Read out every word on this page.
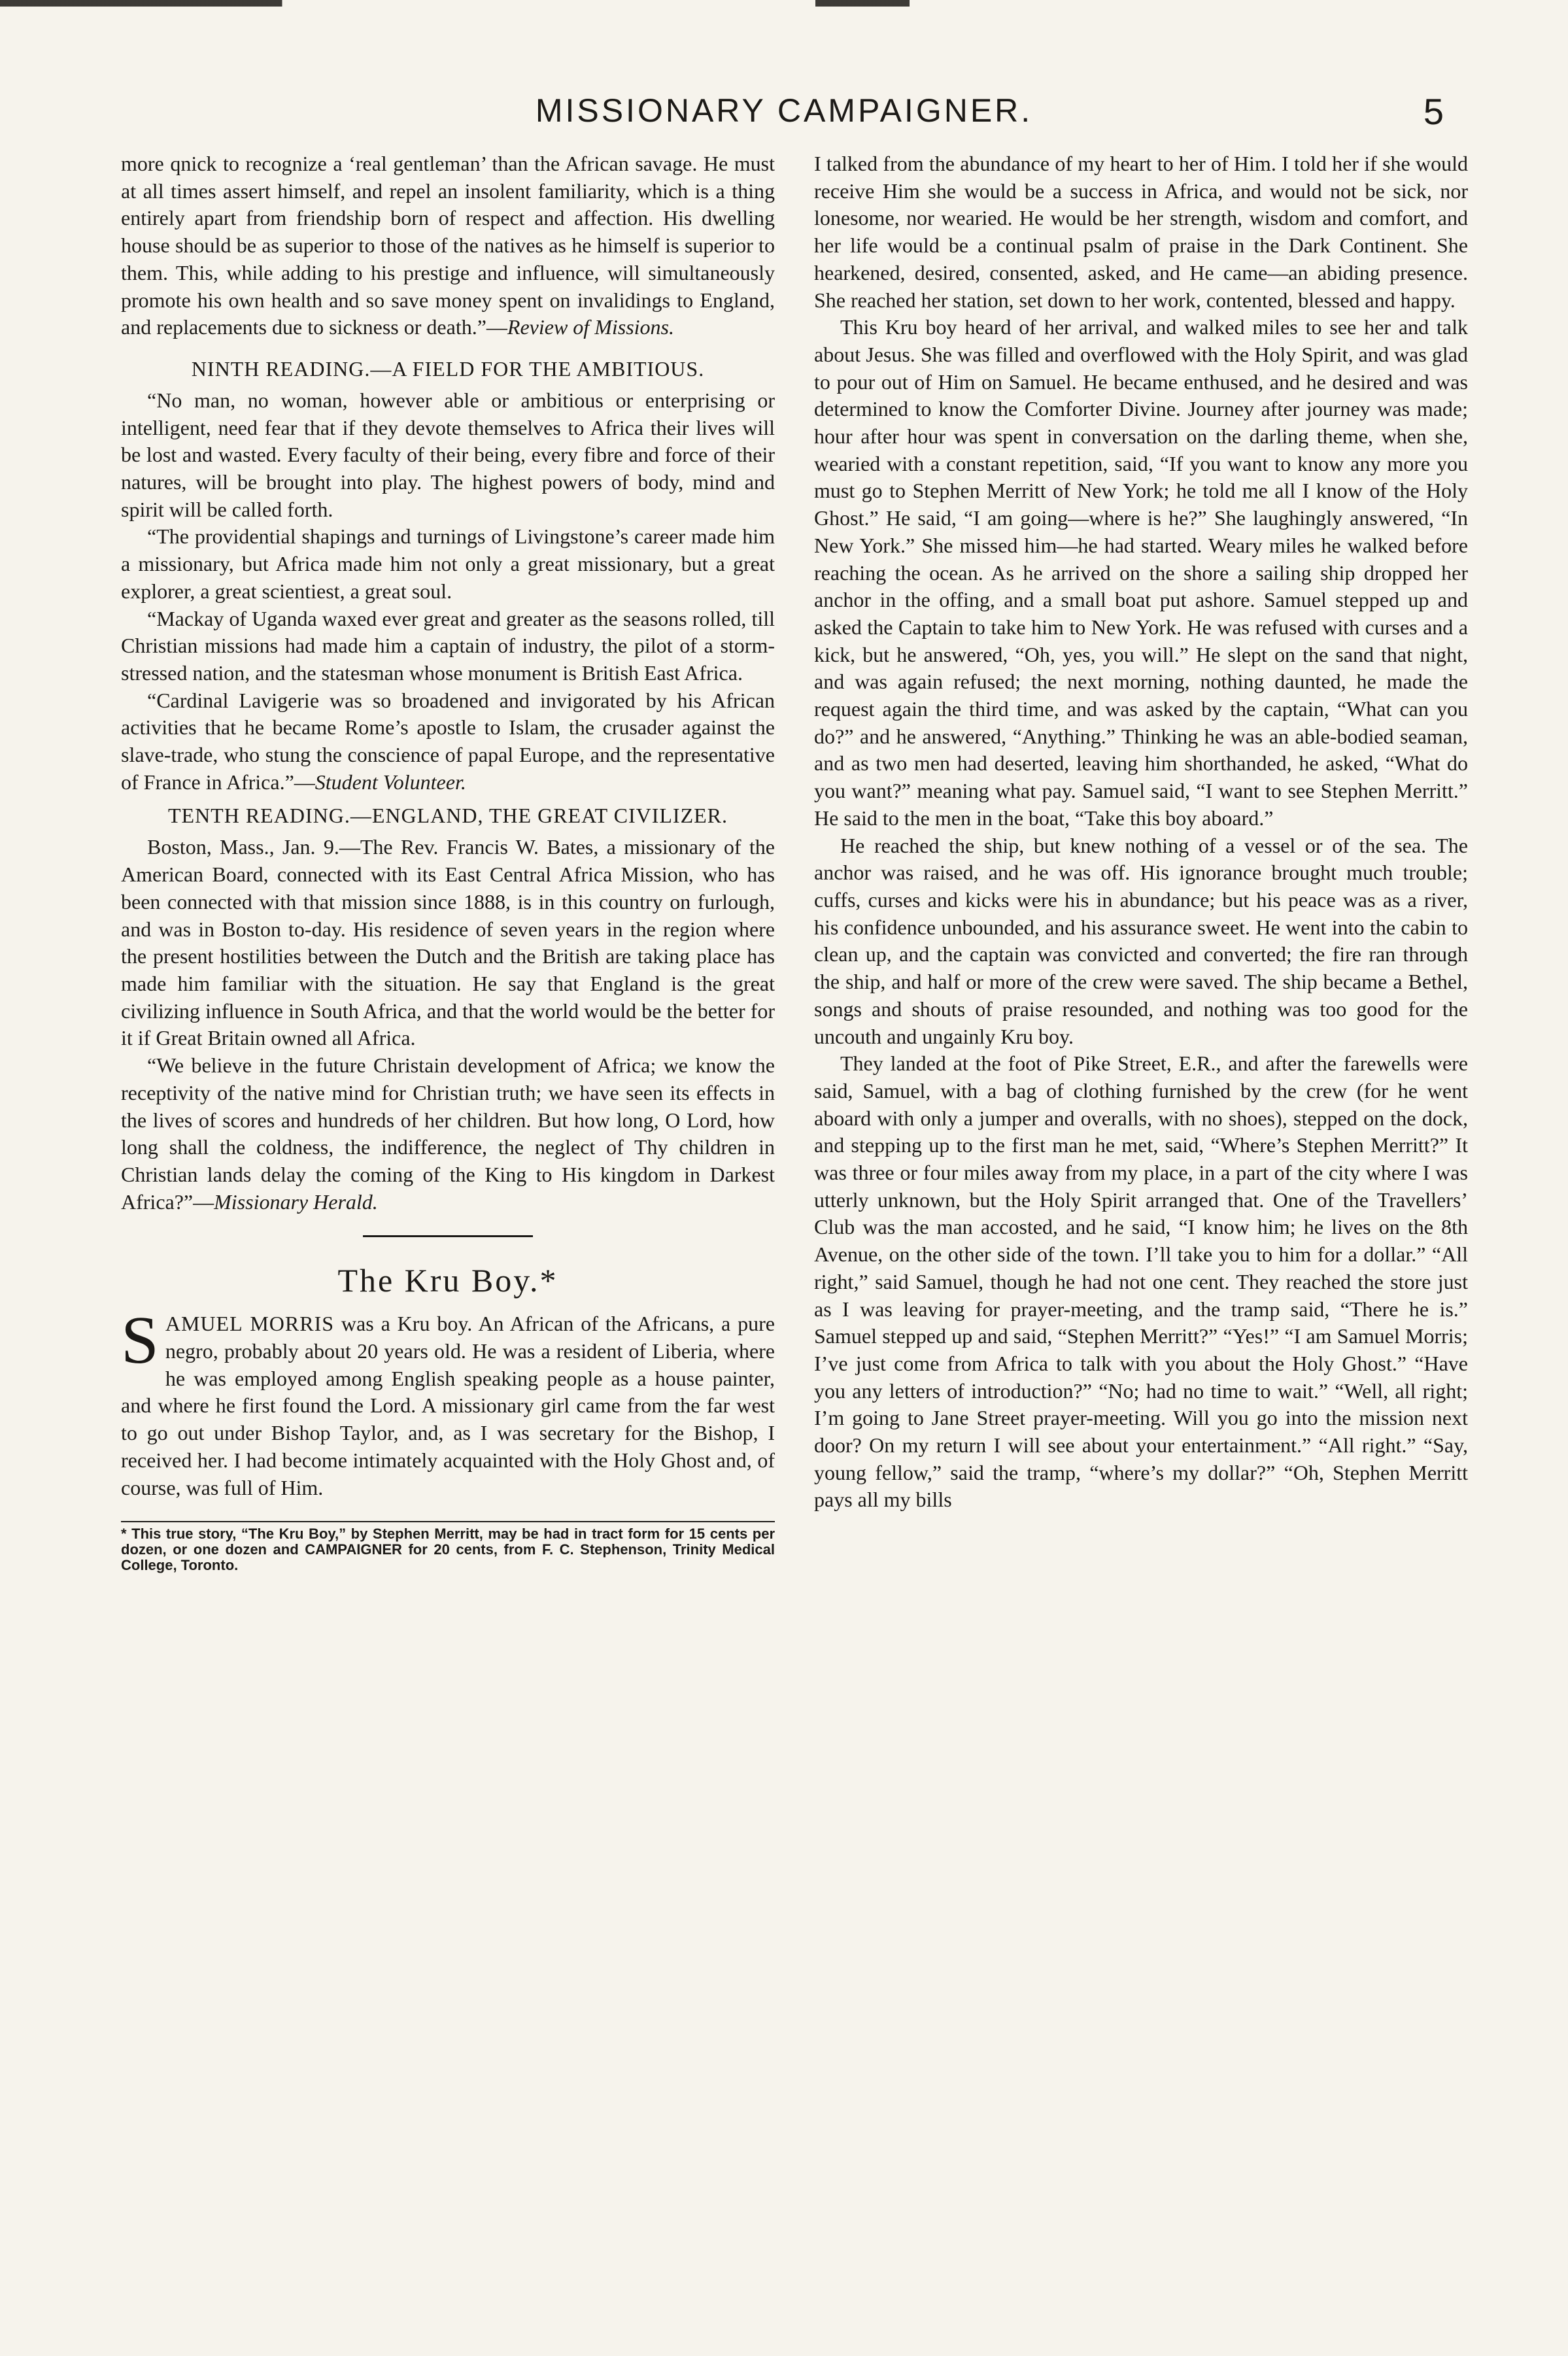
MISSIONARY CAMPAIGNER.	5

more qnick to recognize a ‘real gentleman’ than the African savage. He must at all times assert himself, and repel an insolent familiarity, which is a thing entirely apart from friendship born of respect and affection. His dwelling house should be as superior to those of the natives as he himself is superior to them. This, while adding to his prestige and influence, will simultaneously promote his own health and so save money spent on invalidings to England, and replacements due to sickness or death.”—Review of Missions.

NINTH READING.—A FIELD FOR THE AMBITIOUS.

“No man, no woman, however able or ambitious or enterprising or intelligent, need fear that if they devote themselves to Africa their lives will be lost and wasted. Every faculty of their being, every fibre and force of their natures, will be brought into play. The highest powers of body, mind and spirit will be called forth.

“The providential shapings and turnings of Livingstone’s career made him a missionary, but Africa made him not only a great missionary, but a great explorer, a great scientiest, a great soul.

“Mackay of Uganda waxed ever great and greater as the seasons rolled, till Christian missions had made him a captain of industry, the pilot of a storm-stressed nation, and the statesman whose monument is British East Africa.

“Cardinal Lavigerie was so broadened and invigorated by his African activities that he became Rome’s apostle to Islam, the crusader against the slave-trade, who stung the conscience of papal Europe, and the representative of France in Africa.”—Student Volunteer.

TENTH READING.—ENGLAND, THE GREAT CIVILIZER.

Boston, Mass., Jan. 9.—The Rev. Francis W. Bates, a missionary of the American Board, connected with its East Central Africa Mission, who has been connected with that mission since 1888, is in this country on furlough, and was in Boston to-day. His residence of seven years in the region where the present hostilities between the Dutch and the British are taking place has made him familiar with the situation. He say that England is the great civilizing influence in South Africa, and that the world would be the better for it if Great Britain owned all Africa.

“We believe in the future Christain development of Africa; we know the receptivity of the native mind for Christian truth; we have seen its effects in the lives of scores and hundreds of her children. But how long, O Lord, how long shall the coldness, the indifference, the neglect of Thy children in Christian lands delay the coming of the King to His kingdom in Darkest Africa?”—Missionary Herald.

The Kru Boy.*

SAMUEL MORRIS was a Kru boy. An African of the Africans, a pure negro, probably about 20 years old. He was a resident of Liberia, where he was employed among English speaking people as a house painter, and where he first found the Lord. A missionary girl came from the far west to go out under Bishop Taylor, and, as I was secretary for the Bishop, I received her. I had become intimately acquainted with the Holy Ghost and, of course, was full of Him.

* This true story, “The Kru Boy,” by Stephen Merritt, may be had in tract form for 15 cents per dozen, or one dozen and CAMPAIGNER for 20 cents, from F. C. Stephenson, Trinity Medical College, Toronto.

I talked from the abundance of my heart to her of Him. I told her if she would receive Him she would be a success in Africa, and would not be sick, nor lonesome, nor wearied. He would be her strength, wisdom and comfort, and her life would be a continual psalm of praise in the Dark Continent. She hearkened, desired, consented, asked, and He came—an abiding presence. She reached her station, set down to her work, contented, blessed and happy.

This Kru boy heard of her arrival, and walked miles to see her and talk about Jesus. She was filled and overflowed with the Holy Spirit, and was glad to pour out of Him on Samuel. He became enthused, and he desired and was determined to know the Comforter Divine. Journey after journey was made; hour after hour was spent in conversation on the darling theme, when she, wearied with a constant repetition, said, “If you want to know any more you must go to Stephen Merritt of New York; he told me all I know of the Holy Ghost.” He said, “I am going—where is he?” She laughingly answered, “In New York.” She missed him—he had started. Weary miles he walked before reaching the ocean. As he arrived on the shore a sailing ship dropped her anchor in the offing, and a small boat put ashore. Samuel stepped up and asked the Captain to take him to New York. He was refused with curses and a kick, but he answered, “Oh, yes, you will.” He slept on the sand that night, and was again refused; the next morning, nothing daunted, he made the request again the third time, and was asked by the captain, “What can you do?” and he answered, “Anything.” Thinking he was an able-bodied seaman, and as two men had deserted, leaving him shorthanded, he asked, “What do you want?” meaning what pay. Samuel said, “I want to see Stephen Merritt.” He said to the men in the boat, “Take this boy aboard.”

He reached the ship, but knew nothing of a vessel or of the sea. The anchor was raised, and he was off. His ignorance brought much trouble; cuffs, curses and kicks were his in abundance; but his peace was as a river, his confidence unbounded, and his assurance sweet. He went into the cabin to clean up, and the captain was convicted and converted; the fire ran through the ship, and half or more of the crew were saved. The ship became a Bethel, songs and shouts of praise resounded, and nothing was too good for the uncouth and ungainly Kru boy.

They landed at the foot of Pike Street, E.R., and after the farewells were said, Samuel, with a bag of clothing furnished by the crew (for he went aboard with only a jumper and overalls, with no shoes), stepped on the dock, and stepping up to the first man he met, said, “Where’s Stephen Merritt?” It was three or four miles away from my place, in a part of the city where I was utterly unknown, but the Holy Spirit arranged that. One of the Travellers’ Club was the man accosted, and he said, “I know him; he lives on the 8th Avenue, on the other side of the town. I’ll take you to him for a dollar.” “All right,” said Samuel, though he had not one cent. They reached the store just as I was leaving for prayer-meeting, and the tramp said, “There he is.” Samuel stepped up and said, “Stephen Merritt?” “Yes!” “I am Samuel Morris; I’ve just come from Africa to talk with you about the Holy Ghost.” “Have you any letters of introduction?” “No; had no time to wait.” “Well, all right; I’m going to Jane Street prayer-meeting. Will you go into the mission next door? On my return I will see about your entertainment.” “All right.” “Say, young fellow,” said the tramp, “where’s my dollar?” “Oh, Stephen Merritt pays all my bills
